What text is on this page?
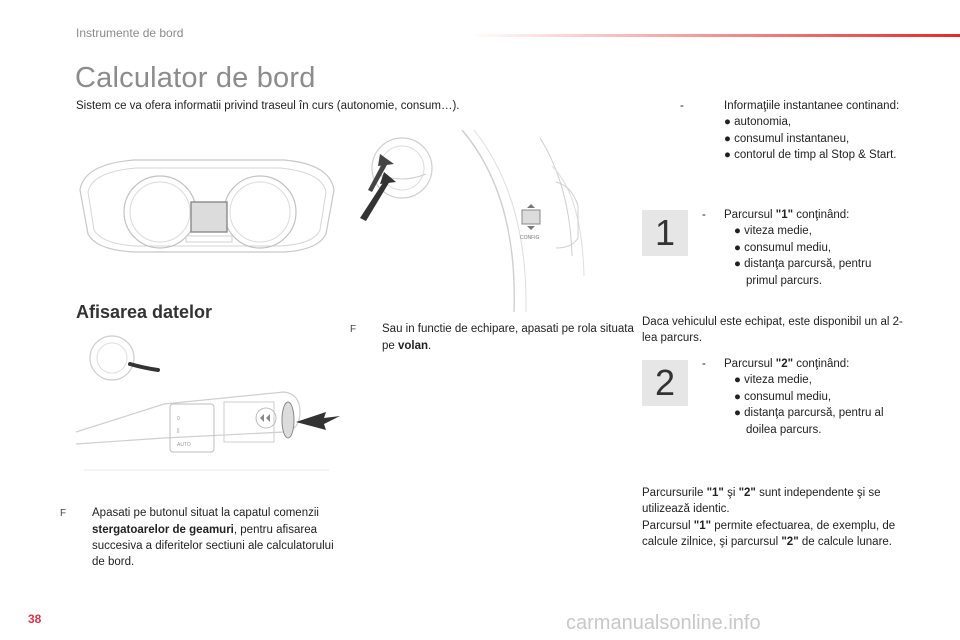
Instrumente de bord
Calculator de bord
Sistem ce va ofera informatii privind traseul în curs (autonomie, consum…).
CONFIG
Afisarea datelor
0
||
AUTO
F Apasati pe butonul situat la capatul comenzii stergatoarelor de geamuri, pentru afisarea succesiva a diferitelor sectiuni ale calculatorului de bord.
F Sau in functie de echipare, apasati pe rola situata pe volan.
-	Informaţiile instantanee continand:
● autonomia,
● consumul instantaneu,
● contorul de timp al Stop & Start.
1	- Parcursul "1" conţinând:
● viteza medie,
● consumul mediu,
● distanţa parcursă, pentru primul parcurs.
Daca vehiculul este echipat, este disponibil un al 2-lea parcurs.
2	- Parcursul "2" conţinând:
● viteza medie,
● consumul mediu,
● distanţa parcursă, pentru al doilea parcurs.
Parcursurile "1" şi "2" sunt independente şi se utilizează identic.
Parcursul "1" permite efectuarea, de exemplu, de calcule zilnice, şi parcursul "2" de calcule lunare.
38	carmanualsonline.info
